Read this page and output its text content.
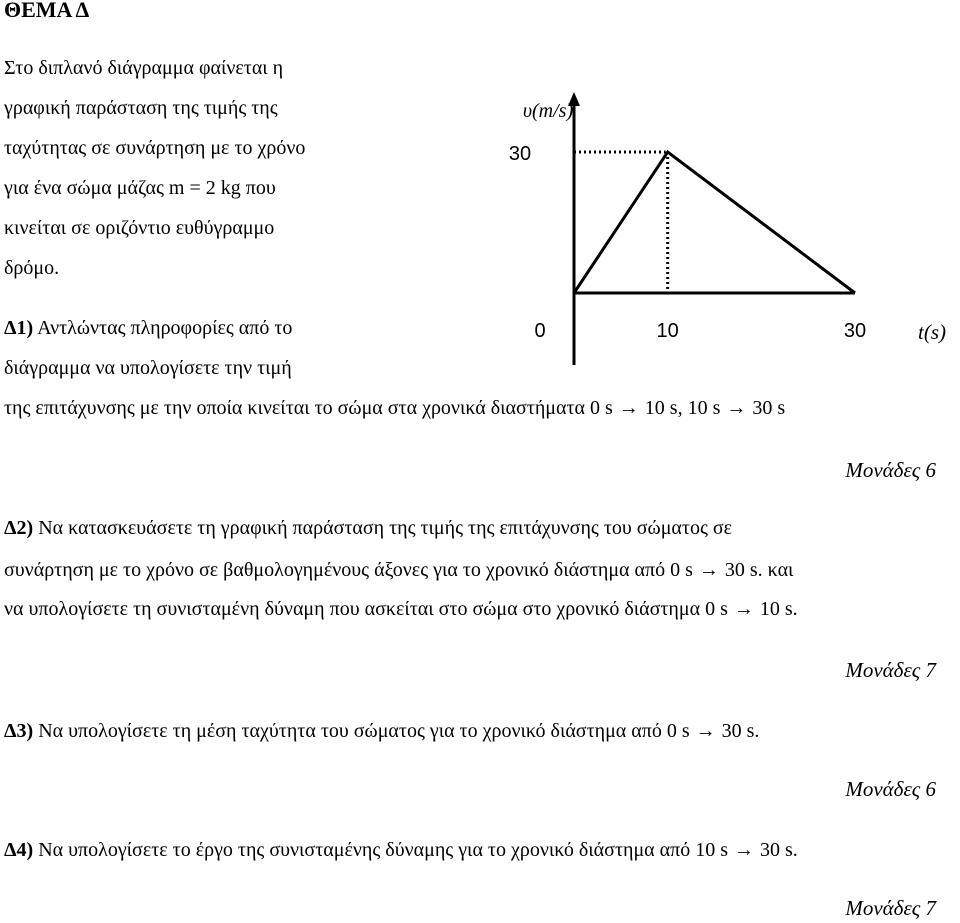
ΘΕΜΑ Δ
Στο διπλανό διάγραμμα φαίνεται η
γραφική παράσταση της τιμής της
ταχύτητας σε συνάρτηση με το χρόνο
για ένα σώμα μάζας m = 2 kg που
κινείται σε οριζόντιο ευθύγραμμο
δρόμο.
υ(m/s)
30
0	10	30 t(s)
Δ1) Αντλώντας πληροφορίες από το
διάγραμμα να υπολογίσετε την τιμή
της επιτάχυνσης με την οποία κινείται το σώμα στα χρονικά διαστήματα 0 s → 10 s, 10 s → 30 s
Μονάδες 6
Δ2) Να κατασκευάσετε τη γραφική παράσταση της τιμής της επιτάχυνσης του σώματος σε
συνάρτηση με το χρόνο σε βαθμολογημένους άξονες για το χρονικό διάστημα από 0 s → 30 s. και
να υπολογίσετε τη συνισταμένη δύναμη που ασκείται στο σώμα στο χρονικό διάστημα 0 s → 10 s.
Μονάδες 7
Δ3) Να υπολογίσετε τη μέση ταχύτητα του σώματος για το χρονικό διάστημα από 0 s → 30 s.
Μονάδες 6
Δ4) Να υπολογίσετε το έργο της συνισταμένης δύναμης για το χρονικό διάστημα από 10 s → 30 s.
Μονάδες 7
